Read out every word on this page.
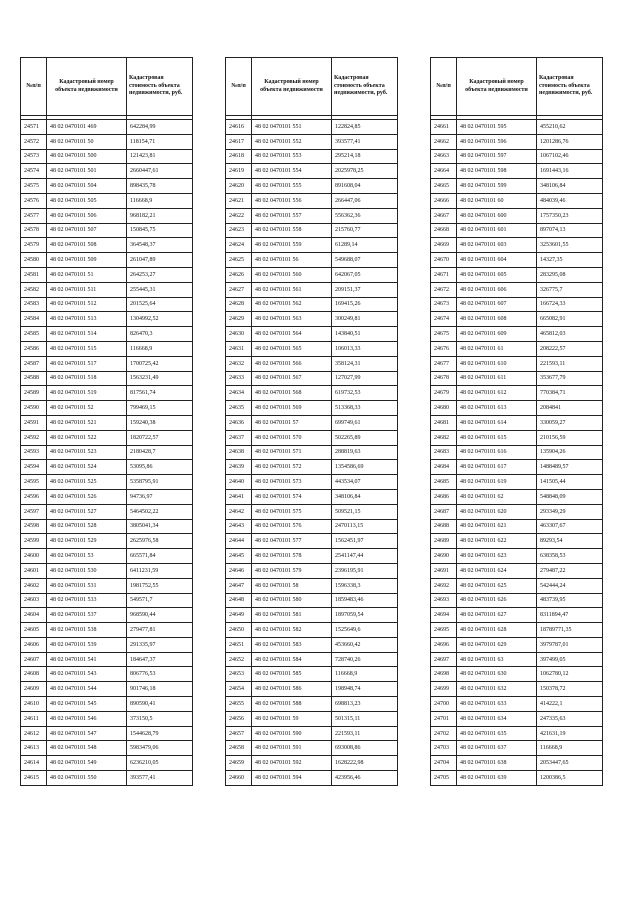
№п/п	Кадастровый номер объекта недвижимости	Кадастровая стоимость объекта недвижимости, руб.

24571	48 02 0470101 469	642284,99
24572	48 02 0470101 50	118154,71
24573	48 02 0470101 500	121423,81
24574	48 02 0470101 501	2660447,61
24575	48 02 0470101 504	898435,78
24576	48 02 0470101 505	116668,9
24577	48 02 0470101 506	968182,21
24578	48 02 0470101 507	150845,75
24579	48 02 0470101 508	364548,37
24580	48 02 0470101 509	261047,89
24581	48 02 0470101 51	264253,27
24582	48 02 0470101 511	255445,31
24583	48 02 0470101 512	201525,64
24584	48 02 0470101 513	1304992,52
24585	48 02 0470101 514	826470,3
24586	48 02 0470101 515	116668,9
24587	48 02 0470101 517	1700725,42
24588	48 02 0470101 518	1563231,49
24589	48 02 0470101 519	817561,74
24590	48 02 0470101 52	799469,15
24591	48 02 0470101 521	159240,38
24592	48 02 0470101 522	1820722,57
24593	48 02 0470101 523	2180428,7
24594	48 02 0470101 524	53095,86
24595	48 02 0470101 525	5358795,91
24596	48 02 0470101 526	94736,97
24597	48 02 0470101 527	5464502,22
24598	48 02 0470101 528	3805041,34
24599	48 02 0470101 529	2625976,58
24600	48 02 0470101 53	665571,84
24601	48 02 0470101 530	6411231,59
24602	48 02 0470101 531	1981752,55
24603	48 02 0470101 533	549571,7
24604	48 02 0470101 537	968590,44
24605	48 02 0470101 538	279477,81
24606	48 02 0470101 539	291335,97
24607	48 02 0470101 541	184647,37
24608	48 02 0470101 543	806776,53
24609	48 02 0470101 544	901746,18
24610	48 02 0470101 545	890590,41
24611	48 02 0470101 546	373150,5
24612	48 02 0470101 547	1544628,79
24613	48 02 0470101 548	5983479,06
24614	48 02 0470101 549	6236210,05
24615	48 02 0470101 550	393577,41
№п/п	Кадастровый номер объекта недвижимости	Кадастровая стоимость объекта недвижимости, руб.

24616	48 02 0470101 551	122824,85
24617	48 02 0470101 552	393577,41
24618	48 02 0470101 553	295214,18
24619	48 02 0470101 554	2025978,25
24620	48 02 0470101 555	891608,04
24621	48 02 0470101 556	266447,06
24622	48 02 0470101 557	556362,36
24623	48 02 0470101 558	215760,77
24624	48 02 0470101 559	61289,14
24625	48 02 0470101 56	549688,07
24626	48 02 0470101 560	642067,05
24627	48 02 0470101 561	209151,37
24628	48 02 0470101 562	169415,26
24629	48 02 0470101 563	300249,81
24630	48 02 0470101 564	143840,51
24631	48 02 0470101 565	106013,33
24632	48 02 0470101 566	358124,31
24633	48 02 0470101 567	127027,99
24634	48 02 0470101 568	619732,53
24635	48 02 0470101 569	513368,33
24636	48 02 0470101 57	699749,61
24637	48 02 0470101 570	502265,89
24638	48 02 0470101 571	288819,63
24639	48 02 0470101 572	1354586,69
24640	48 02 0470101 573	443534,07
24641	48 02 0470101 574	348106,84
24642	48 02 0470101 575	509521,15
24643	48 02 0470101 576	2470113,15
24644	48 02 0470101 577	1562451,97
24645	48 02 0470101 578	2541147,44
24646	48 02 0470101 579	2396195,91
24647	48 02 0470101 58	1596338,3
24648	48 02 0470101 580	1859483,46
24649	48 02 0470101 581	1897059,54
24650	48 02 0470101 582	1525649,6
24651	48 02 0470101 583	453660,42
24652	48 02 0470101 584	728740,26
24653	48 02 0470101 585	116668,9
24654	48 02 0470101 586	198948,74
24655	48 02 0470101 588	698813,23
24656	48 02 0470101 59	501315,11
24657	48 02 0470101 590	221593,11
24658	48 02 0470101 591	693008,86
24659	48 02 0470101 592	1628222,98
24660	48 02 0470101 594	423956,46
№п/п	Кадастровый номер объекта недвижимости	Кадастровая стоимость объекта недвижимости, руб.

24661	48 02 0470101 595	455210,62
24662	48 02 0470101 596	1201286,76
24663	48 02 0470101 597	1067102,46
24664	48 02 0470101 598	1691443,16
24665	48 02 0470101 599	348106,84
24666	48 02 0470101 60	484039,46
24667	48 02 0470101 600	1757350,23
24668	48 02 0470101 601	897074,13
24669	48 02 0470101 603	3253601,55
24670	48 02 0470101 604	14327,35
24671	48 02 0470101 605	283295,08
24672	48 02 0470101 606	326775,7
24673	48 02 0470101 607	166724,33
24674	48 02 0470101 608	665082,91
24675	48 02 0470101 609	465812,03
24676	48 02 0470101 61	208222,57
24677	48 02 0470101 610	221593,11
24678	48 02 0470101 611	353677,79
24679	48 02 0470101 612	770384,71
24680	48 02 0470101 613	2084841
24681	48 02 0470101 614	330059,27
24682	48 02 0470101 615	210156,59
24683	48 02 0470101 616	135904,26
24684	48 02 0470101 617	1488489,57
24685	48 02 0470101 619	141505,44
24686	48 02 0470101 62	548848,09
24687	48 02 0470101 620	293349,29
24688	48 02 0470101 621	463307,67
24689	48 02 0470101 622	89293,54
24690	48 02 0470101 623	638358,53
24691	48 02 0470101 624	279487,22
24692	48 02 0470101 625	542444,24
24693	48 02 0470101 626	483739,95
24694	48 02 0470101 627	8311894,47
24695	48 02 0470101 628	18789771,35
24696	48 02 0470101 629	3979787,01
24697	48 02 0470101 63	397499,05
24698	48 02 0470101 630	1062780,12
24699	48 02 0470101 632	150378,72
24700	48 02 0470101 633	414222,1
24701	48 02 0470101 634	247335,63
24702	48 02 0470101 635	421631,19
24703	48 02 0470101 637	116668,9
24704	48 02 0470101 638	2053447,65
24705	48 02 0470101 639	1200386,5
